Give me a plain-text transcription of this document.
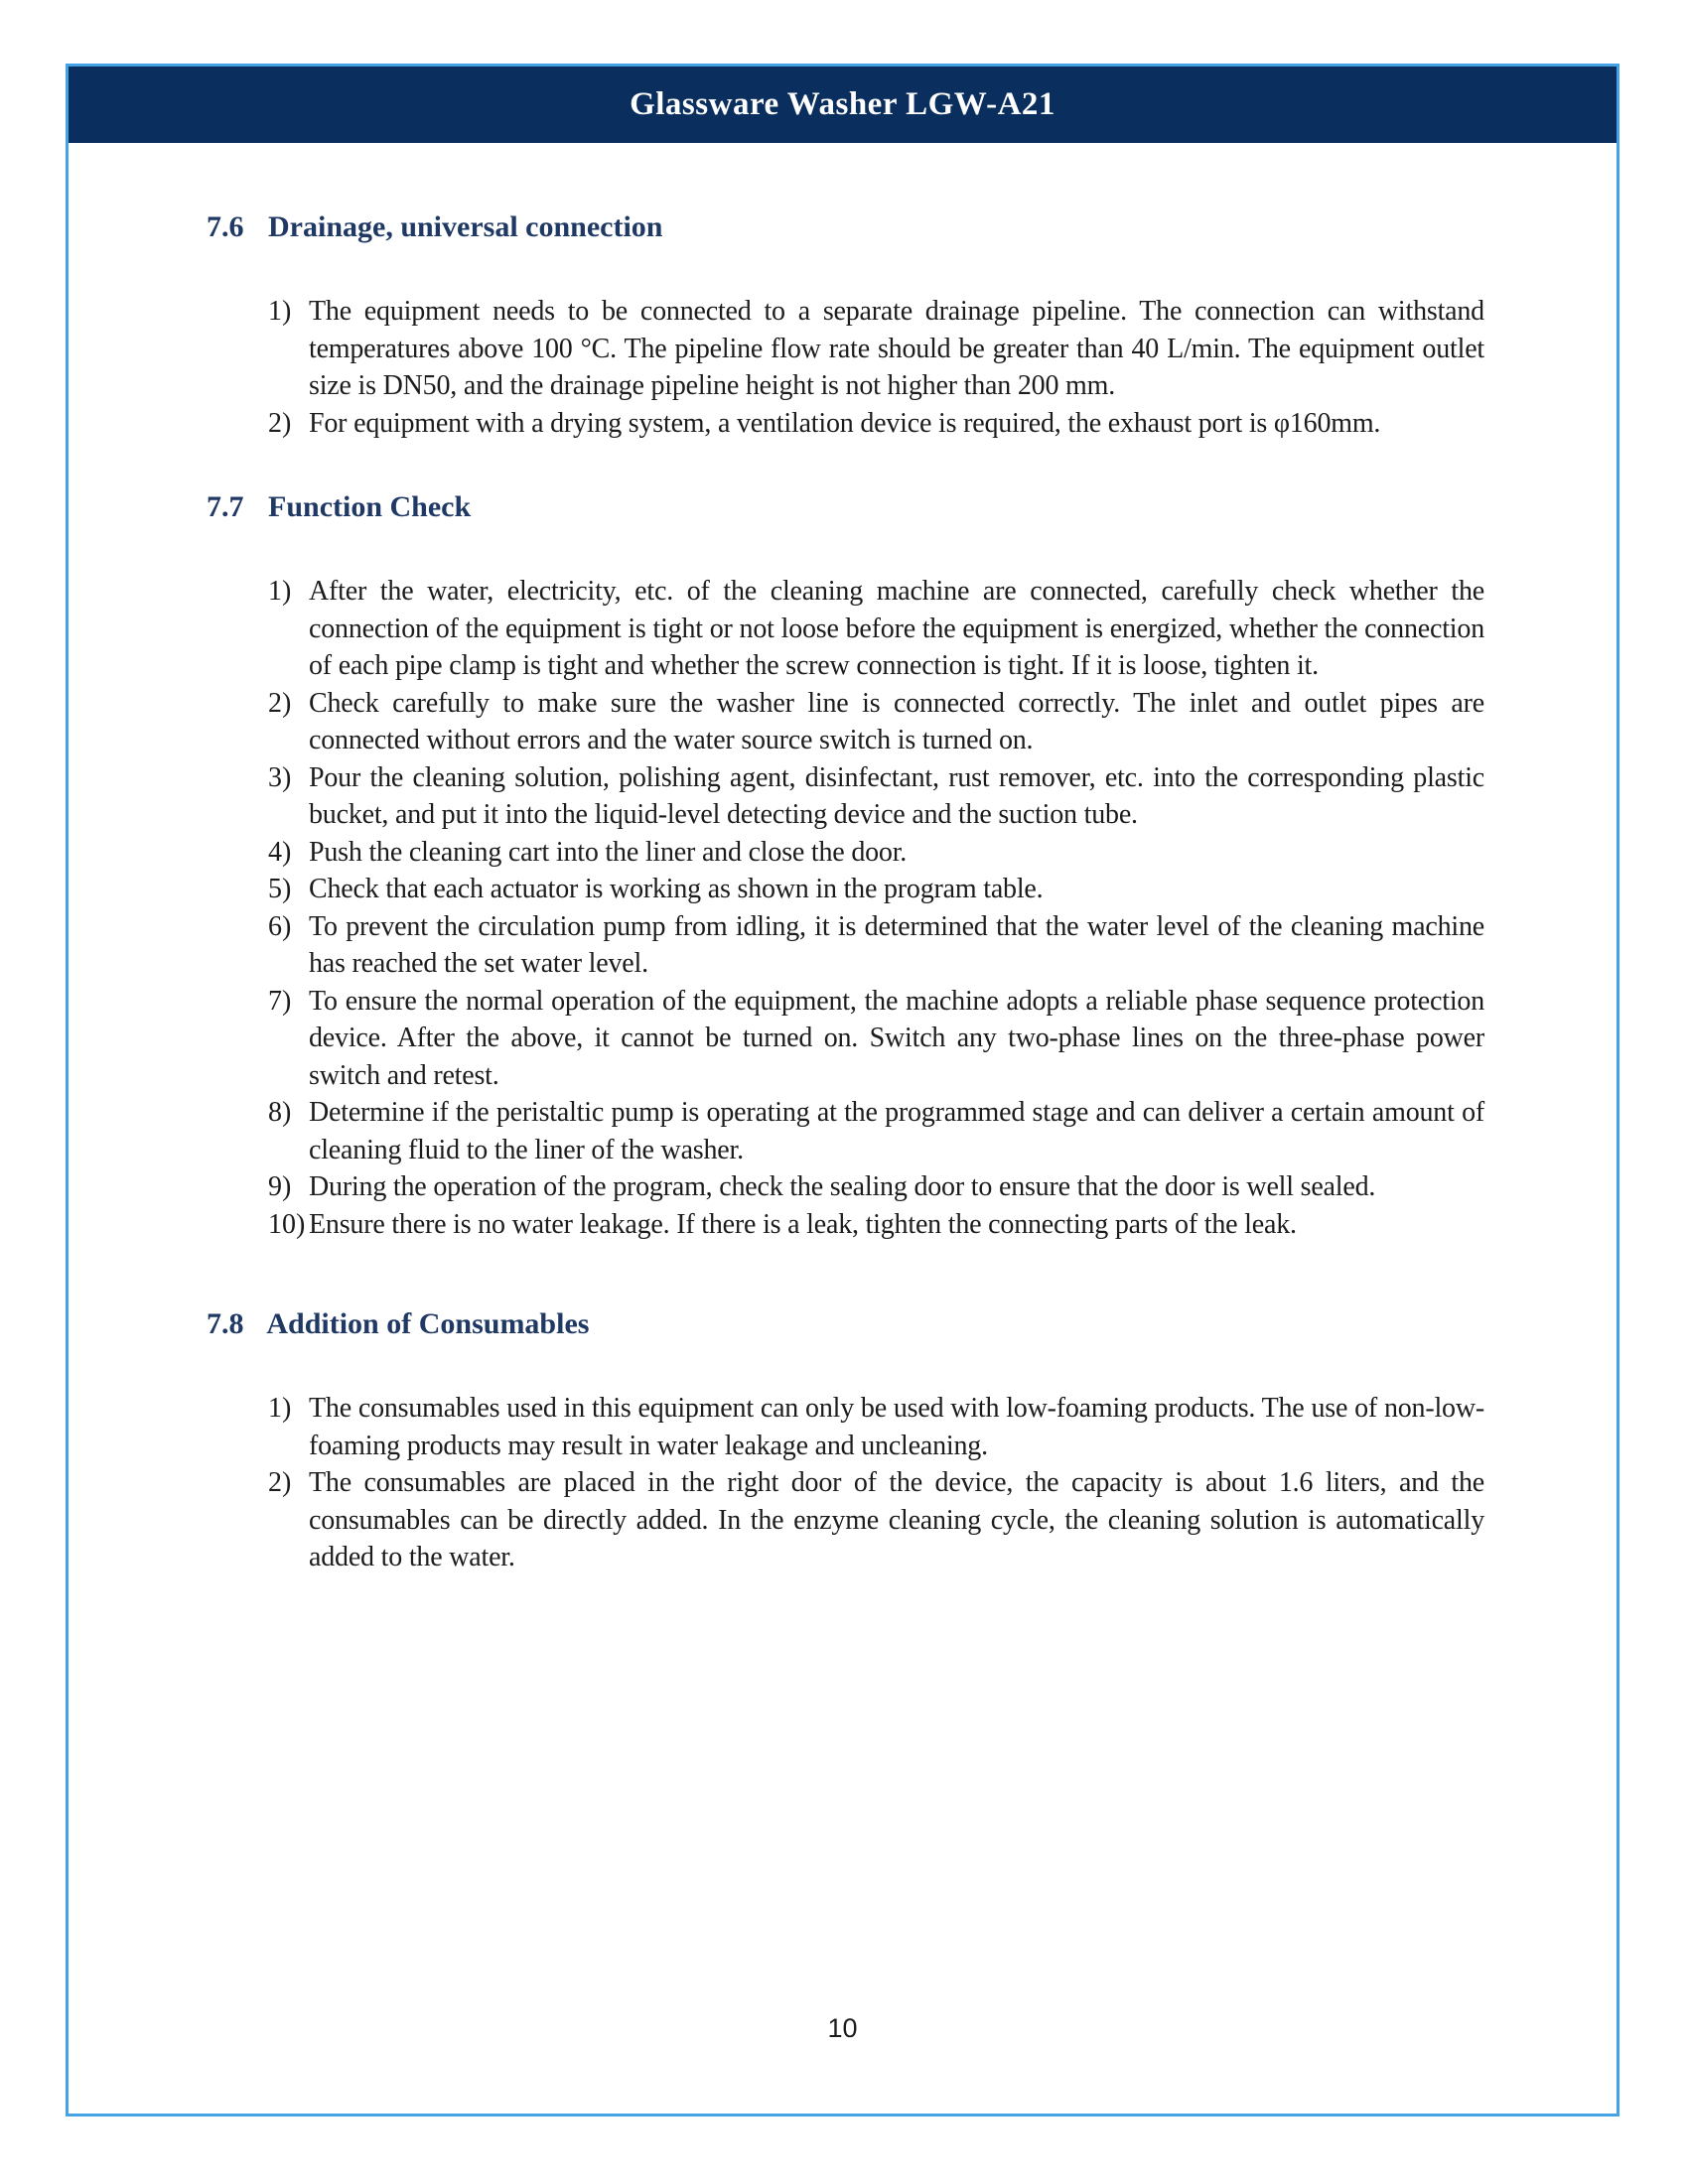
Glassware Washer LGW-A21
7.6 Drainage, universal connection
1) The equipment needs to be connected to a separate drainage pipeline. The connection can withstand temperatures above 100 °C. The pipeline flow rate should be greater than 40 L/min. The equipment outlet size is DN50, and the drainage pipeline height is not higher than 200 mm.
2) For equipment with a drying system, a ventilation device is required, the exhaust port is φ160mm.
7.7 Function Check
1) After the water, electricity, etc. of the cleaning machine are connected, carefully check whether the connection of the equipment is tight or not loose before the equipment is energized, whether the connection of each pipe clamp is tight and whether the screw connection is tight. If it is loose, tighten it.
2) Check carefully to make sure the washer line is connected correctly. The inlet and outlet pipes are connected without errors and the water source switch is turned on.
3) Pour the cleaning solution, polishing agent, disinfectant, rust remover, etc. into the corresponding plastic bucket, and put it into the liquid-level detecting device and the suction tube.
4) Push the cleaning cart into the liner and close the door.
5) Check that each actuator is working as shown in the program table.
6) To prevent the circulation pump from idling, it is determined that the water level of the cleaning machine has reached the set water level.
7) To ensure the normal operation of the equipment, the machine adopts a reliable phase sequence protection device. After the above, it cannot be turned on. Switch any two-phase lines on the three-phase power switch and retest.
8) Determine if the peristaltic pump is operating at the programmed stage and can deliver a certain amount of cleaning fluid to the liner of the washer.
9) During the operation of the program, check the sealing door to ensure that the door is well sealed.
10) Ensure there is no water leakage. If there is a leak, tighten the connecting parts of the leak.
7.8 Addition of Consumables
1) The consumables used in this equipment can only be used with low-foaming products. The use of non-low-foaming products may result in water leakage and uncleaning.
2) The consumables are placed in the right door of the device, the capacity is about 1.6 liters, and the consumables can be directly added. In the enzyme cleaning cycle, the cleaning solution is automatically added to the water.
10
